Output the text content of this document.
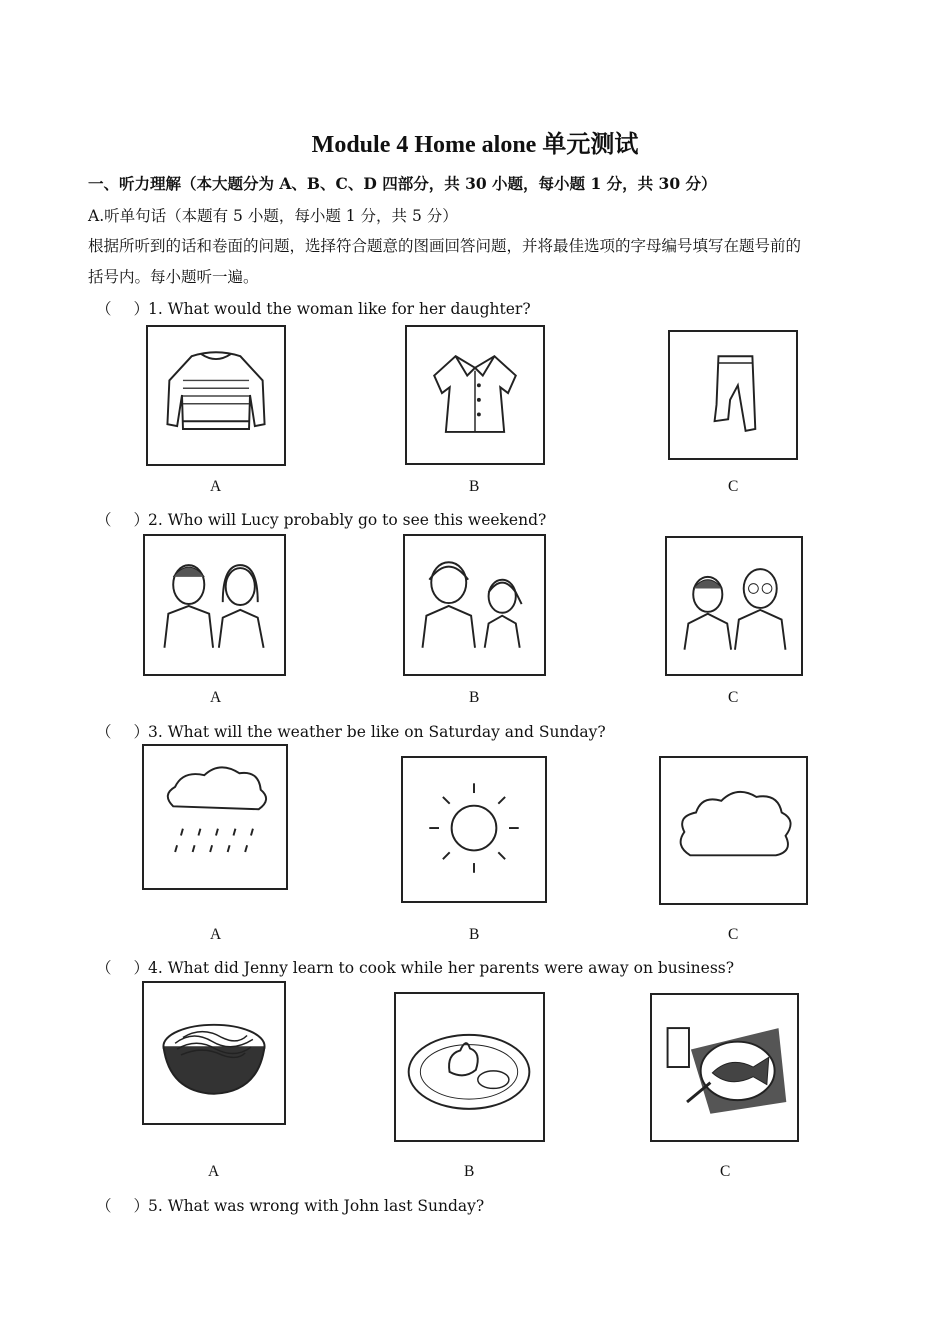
Module 4 Home alone 单元测试
一、听力理解（本大题分为 A、B、C、D 四部分，共 30 小题，每小题 1 分，共 30 分）
A.听单句话（本题有 5 小题，每小题 1 分，共 5 分）
根据所听到的话和卷面的问题，选择符合题意的图画回答问题，并将最佳选项的字母编号填写在题号前的
括号内。每小题听一遍。
（ ）1. What would the woman like for her daughter?
A	B	C
（ ）2. Who will Lucy probably go to see this weekend?
A	B	C
（ ）3. What will the weather be like on Saturday and Sunday?
A	B	C
（ ）4. What did Jenny learn to cook while her parents were away on business?
A	B	C
（ ）5. What was wrong with John last Sunday?
